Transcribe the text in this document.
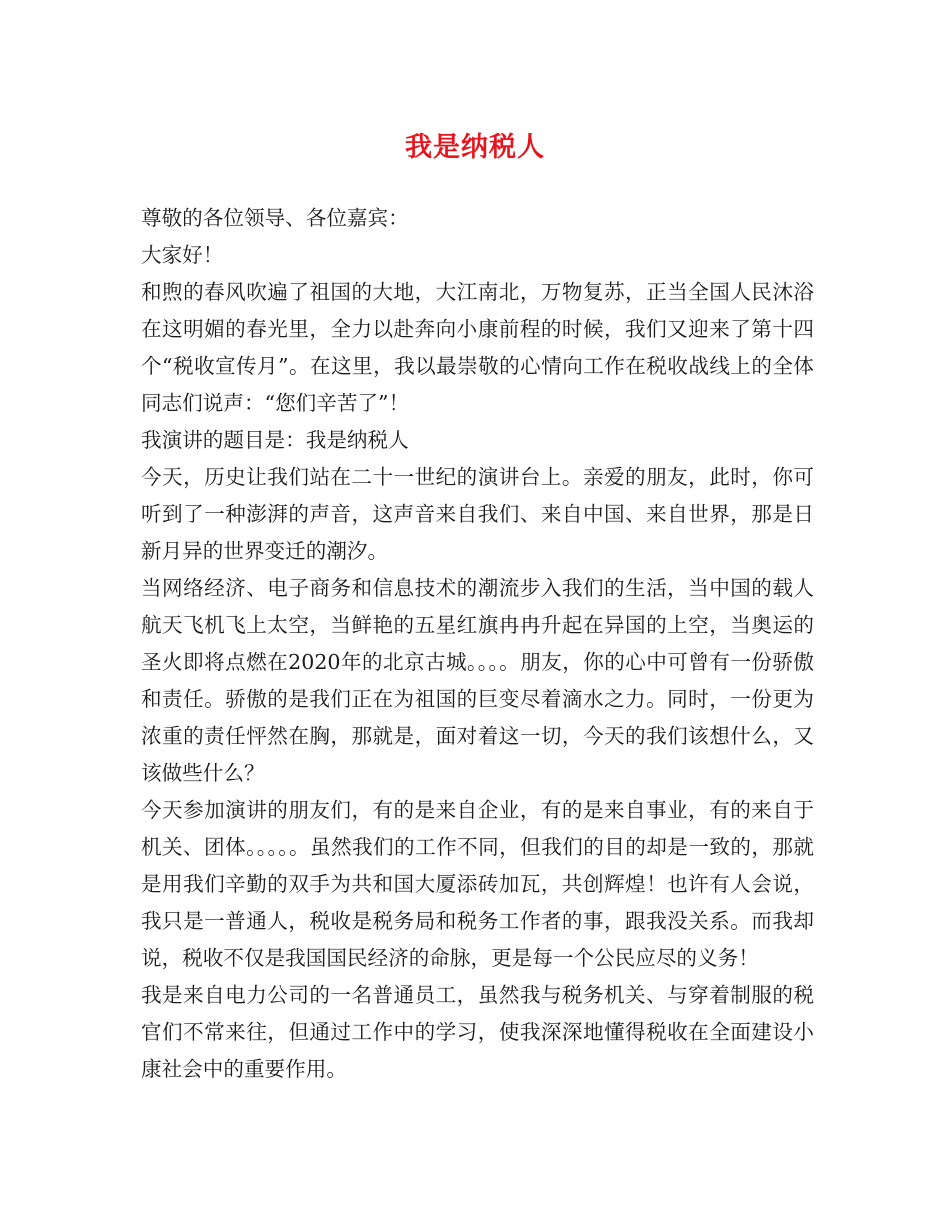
我是纳税人

尊敬的各位领导、各位嘉宾：

大家好！

和煦的春风吹遍了祖国的大地，大江南北，万物复苏，正当全国人民沐浴在这明媚的春光里，全力以赴奔向小康前程的时候，我们又迎来了第十四个“税收宣传月”。在这里，我以最崇敬的心情向工作在税收战线上的全体同志们说声：“您们辛苦了”！

我演讲的题目是：我是纳税人

今天，历史让我们站在二十一世纪的演讲台上。亲爱的朋友，此时，你可听到了一种澎湃的声音，这声音来自我们、来自中国、来自世界，那是日新月异的世界变迁的潮汐。

当网络经济、电子商务和信息技术的潮流步入我们的生活，当中国的载人航天飞机飞上太空，当鲜艳的五星红旗冉冉升起在异国的上空，当奥运的圣火即将点燃在2020年的北京古城。。。。朋友，你的心中可曾有一份骄傲和责任。骄傲的是我们正在为祖国的巨变尽着滴水之力。同时，一份更为浓重的责任怦然在胸，那就是，面对着这一切，今天的我们该想什么，又该做些什么？

今天参加演讲的朋友们，有的是来自企业，有的是来自事业，有的来自于机关、团体。。。。。虽然我们的工作不同，但我们的目的却是一致的，那就是用我们辛勤的双手为共和国大厦添砖加瓦，共创辉煌！也许有人会说，我只是一普通人，税收是税务局和税务工作者的事，跟我没关系。而我却说，税收不仅是我国国民经济的命脉，更是每一个公民应尽的义务！

我是来自电力公司的一名普通员工，虽然我与税务机关、与穿着制服的税官们不常来往，但通过工作中的学习，使我深深地懂得税收在全面建设小康社会中的重要作用。
